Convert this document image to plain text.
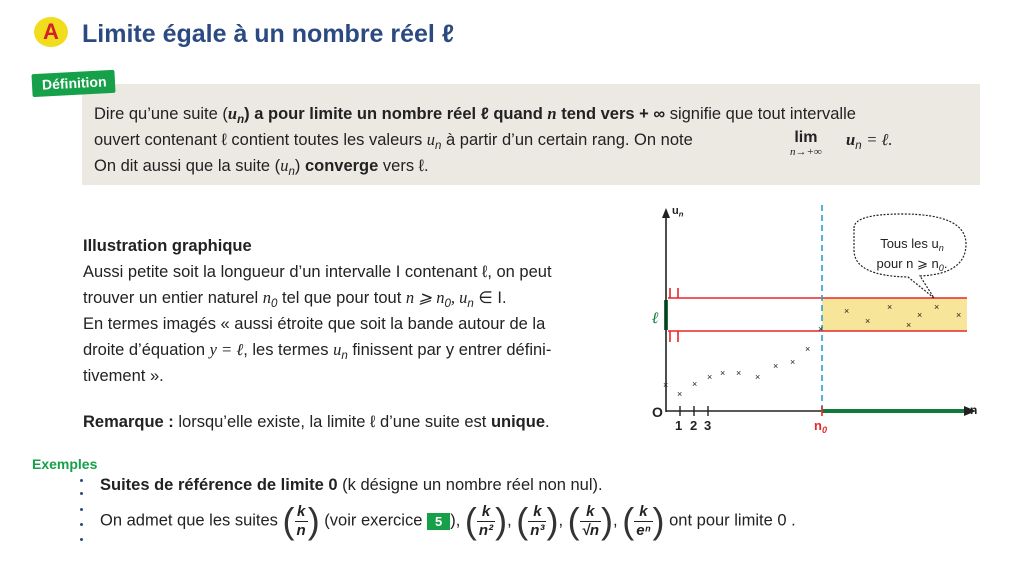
A Limite égale à un nombre réel ℓ
Définition
Dire qu’une suite $(u_n)$ a pour limite un nombre réel ℓ quand n tend vers + ∞ signifie que tout intervalle
ouvert contenant ℓ contient toutes les valeurs $u_n$ à partir d’un certain rang. On note	lim
n→+∞
$u_n$ = ℓ.
On dit aussi que la suite $(u_n)$ converge vers ℓ.
Illustration graphique
Aussi petite soit la longueur d’un intervalle I contenant ℓ, on peut
trouver un entier naturel $n_0$ tel que pour tout n ⩾ $n_0$, $u_n$ ∈ I.
En termes imagés « aussi étroite que soit la bande autour de la
droite d’équation y = ℓ, les termes $u_n$ finissent par y entrer défini-
tivement ».
Remarque : lorsqu’elle existe, la limite ℓ d’une suite est unique.
×
×
×
× × × ×
× ×
×
×
×
×
×
×
×
×
×
$u_n$
n
O
1 2 3	$n_0$
ℓ
Tous les $u_n$
pour n ⩾ $n_0$.
Exemples
Suites de référence de limite 0 (k désigne un nombre réel non nul).
On admet que les suites ( $\frac{k}{n}$ ) (voir exercice 5 ), ( $\frac{k}{\text{n²}}$ ), ( $\frac{k}{\text{n³}}$ ), ( $\frac{k}{√n}$ ), ( $\frac{k}{\text{eⁿ}}$ ) ont pour limite 0 .
